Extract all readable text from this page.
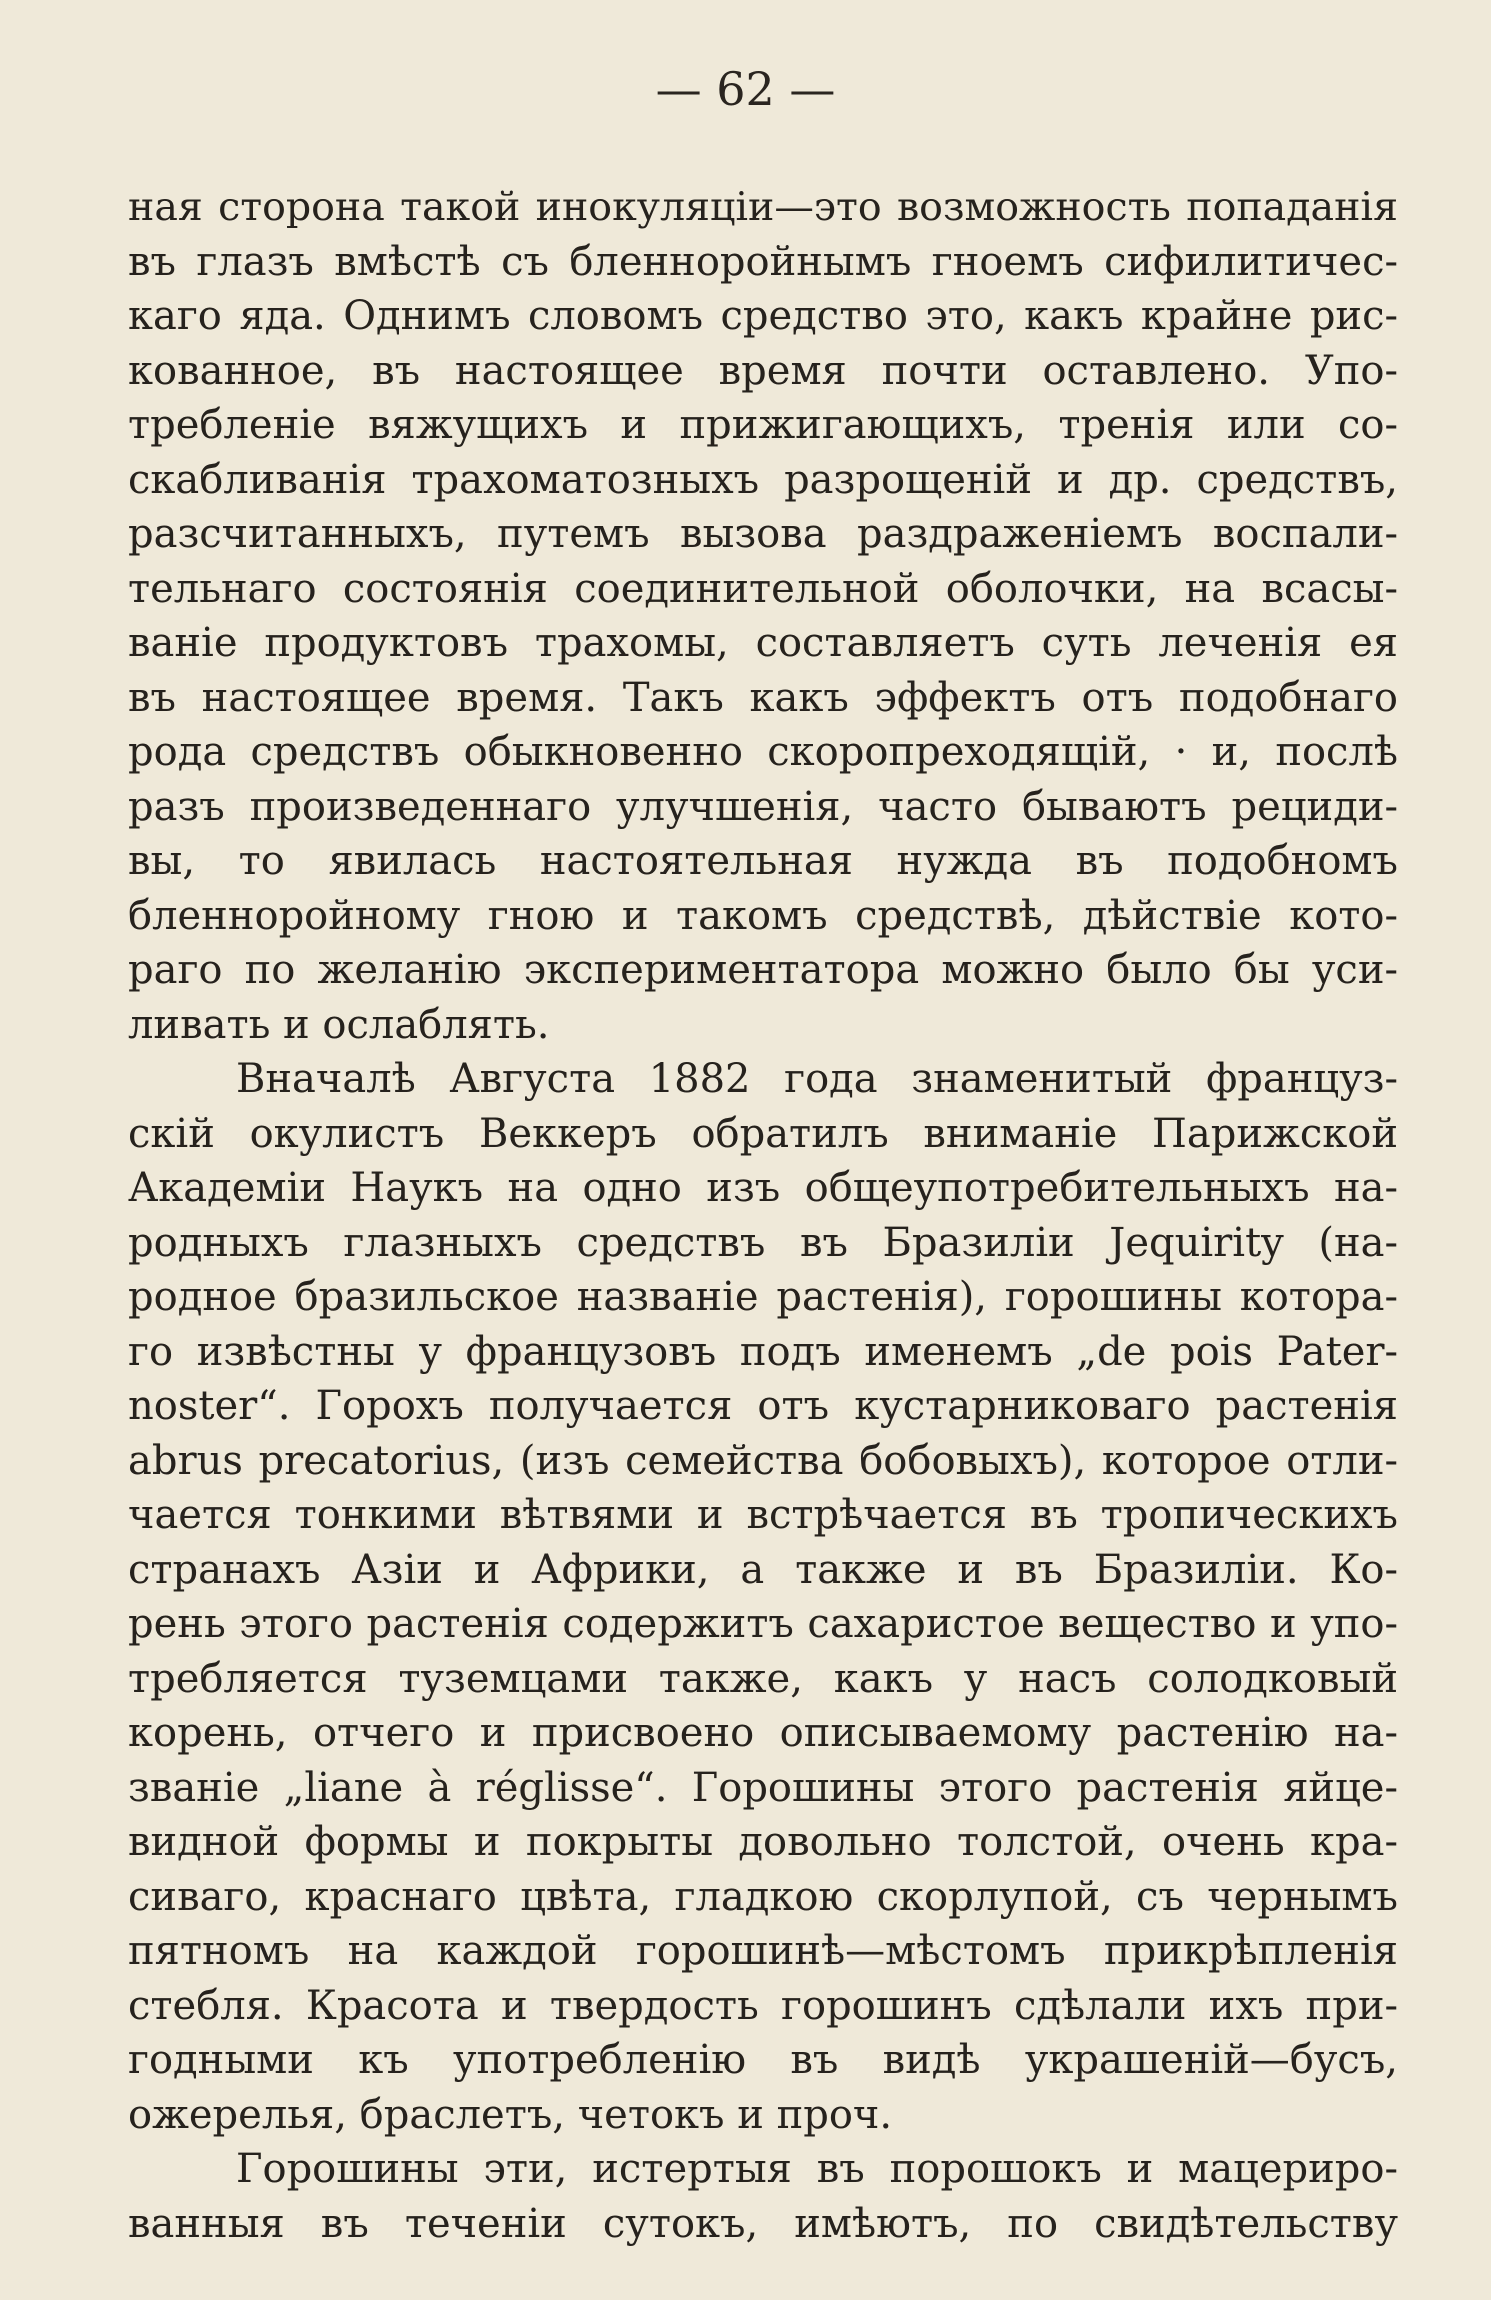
— 62 —
ная сторона такой инокуляціи—это возможность попаданія
въ глазъ вмѣстѣ съ бленноройнымъ гноемъ сифилитичес-
каго яда. Однимъ словомъ средство это, какъ крайне рис-
кованное, въ настоящее время почти оставлено. Упо-
требленіе вяжущихъ и прижигающихъ, тренія или со-
скабливанія трахоматозныхъ разрощеній и др. средствъ,
разсчитанныхъ, путемъ вызова раздраженіемъ воспали-
тельнаго состоянія соединительной оболочки, на всасы-
ваніе продуктовъ трахомы, составляетъ суть леченія ея
въ настоящее время. Такъ какъ эффектъ отъ подобнаго
рода средствъ обыкновенно скоропреходящій, · и, послѣ
разъ произведеннаго улучшенія, часто бываютъ рециди-
вы, то явилась настоятельная нужда въ подобномъ
бленноройному гною и такомъ средствѣ, дѣйствіе кото-
раго по желанію экспериментатора можно было бы уси-
ливать и ослаблять.
Вначалѣ Августа 1882 года знаменитый француз-
скій окулистъ Веккеръ обратилъ вниманіе Парижской
Академіи Наукъ на одно изъ общеупотребительныхъ на-
родныхъ глазныхъ средствъ въ Бразиліи Jequirity (на-
родное бразильское названіе растенія), горошины котора-
го извѣстны у французовъ подъ именемъ „de pois Pater-
noster“. Горохъ получается отъ кустарниковаго растенія
abrus precatorius, (изъ семейства бобовыхъ), которое отли-
чается тонкими вѣтвями и встрѣчается въ тропическихъ
странахъ Азіи и Африки, а также и въ Бразиліи. Ко-
рень этого растенія содержитъ сахаристое вещество и упо-
требляется туземцами также, какъ у насъ солодковый
корень, отчего и присвоено описываемому растенію на-
званіе „liane à réglisse“. Горошины этого растенія яйце-
видной формы и покрыты довольно толстой, очень кра-
сиваго, краснаго цвѣта, гладкою скорлупой, съ чернымъ
пятномъ на каждой горошинѣ—мѣстомъ прикрѣпленія
стебля. Красота и твердость горошинъ сдѣлали ихъ при-
годными къ употребленію въ видѣ украшеній—бусъ,
ожерелья, браслетъ, четокъ и проч.
Горошины эти, истертыя въ порошокъ и мацериро-
ванныя въ теченіи сутокъ, имѣютъ, по свидѣтельству
